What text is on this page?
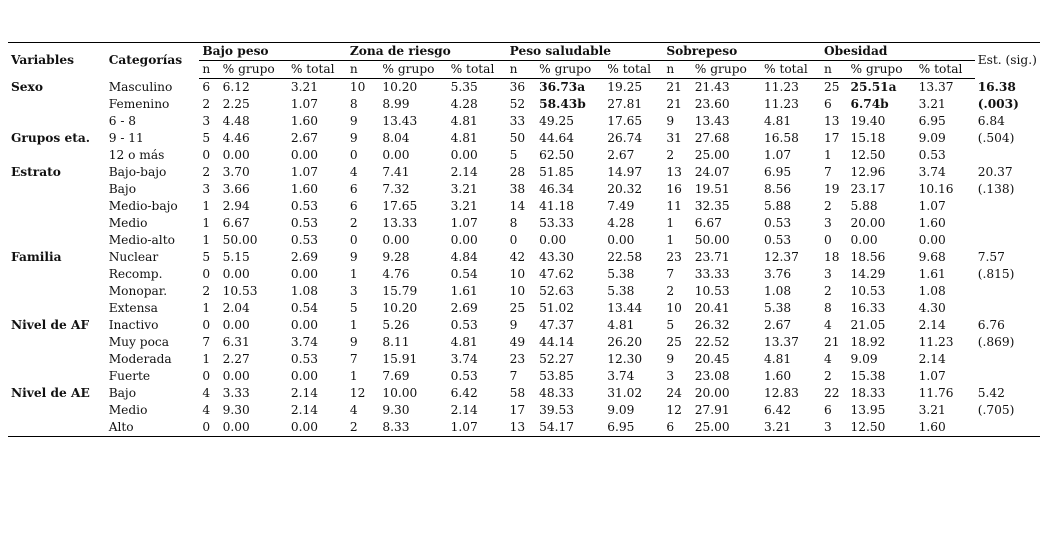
Variables	Categorías	Bajo peso			Zona de riesgo			Peso saludable			Sobrepeso			Obesidad			Est. (sig.)
		n	% grupo	% total	n	% grupo	% total	n	% grupo	% total	n	% grupo	% total	n	% grupo	% total	
Sexo	Masculino	6	6.12	3.21	10	10.20	5.35	36	36.73a	19.25	21	21.43	11.23	25	25.51a	13.37	16.38
	Femenino	2	2.25	1.07	8	8.99	4.28	52	58.43b	27.81	21	23.60	11.23	6	6.74b	3.21	(.003)
	6 - 8	3	4.48	1.60	9	13.43	4.81	33	49.25	17.65	9	13.43	4.81	13	19.40	6.95	6.84
Grupos eta.	9 - 11	5	4.46	2.67	9	8.04	4.81	50	44.64	26.74	31	27.68	16.58	17	15.18	9.09	(.504)
	12 o más	0	0.00	0.00	0	0.00	0.00	5	62.50	2.67	2	25.00	1.07	1	12.50	0.53	
Estrato	Bajo-bajo	2	3.70	1.07	4	7.41	2.14	28	51.85	14.97	13	24.07	6.95	7	12.96	3.74	20.37
	Bajo	3	3.66	1.60	6	7.32	3.21	38	46.34	20.32	16	19.51	8.56	19	23.17	10.16	(.138)
	Medio-bajo	1	2.94	0.53	6	17.65	3.21	14	41.18	7.49	11	32.35	5.88	2	5.88	1.07	
	Medio	1	6.67	0.53	2	13.33	1.07	8	53.33	4.28	1	6.67	0.53	3	20.00	1.60	
	Medio-alto	1	50.00	0.53	0	0.00	0.00	0	0.00	0.00	1	50.00	0.53	0	0.00	0.00	
Familia	Nuclear	5	5.15	2.69	9	9.28	4.84	42	43.30	22.58	23	23.71	12.37	18	18.56	9.68	7.57
	Recomp.	0	0.00	0.00	1	4.76	0.54	10	47.62	5.38	7	33.33	3.76	3	14.29	1.61	(.815)
	Monopar.	2	10.53	1.08	3	15.79	1.61	10	52.63	5.38	2	10.53	1.08	2	10.53	1.08	
	Extensa	1	2.04	0.54	5	10.20	2.69	25	51.02	13.44	10	20.41	5.38	8	16.33	4.30	
Nivel de AF	Inactivo	0	0.00	0.00	1	5.26	0.53	9	47.37	4.81	5	26.32	2.67	4	21.05	2.14	6.76
	Muy poca	7	6.31	3.74	9	8.11	4.81	49	44.14	26.20	25	22.52	13.37	21	18.92	11.23	(.869)
	Moderada	1	2.27	0.53	7	15.91	3.74	23	52.27	12.30	9	20.45	4.81	4	9.09	2.14	
	Fuerte	0	0.00	0.00	1	7.69	0.53	7	53.85	3.74	3	23.08	1.60	2	15.38	1.07	
Nivel de AE	Bajo	4	3.33	2.14	12	10.00	6.42	58	48.33	31.02	24	20.00	12.83	22	18.33	11.76	5.42
	Medio	4	9.30	2.14	4	9.30	2.14	17	39.53	9.09	12	27.91	6.42	6	13.95	3.21	(.705)
	Alto	0	0.00	0.00	2	8.33	1.07	13	54.17	6.95	6	25.00	3.21	3	12.50	1.60	
